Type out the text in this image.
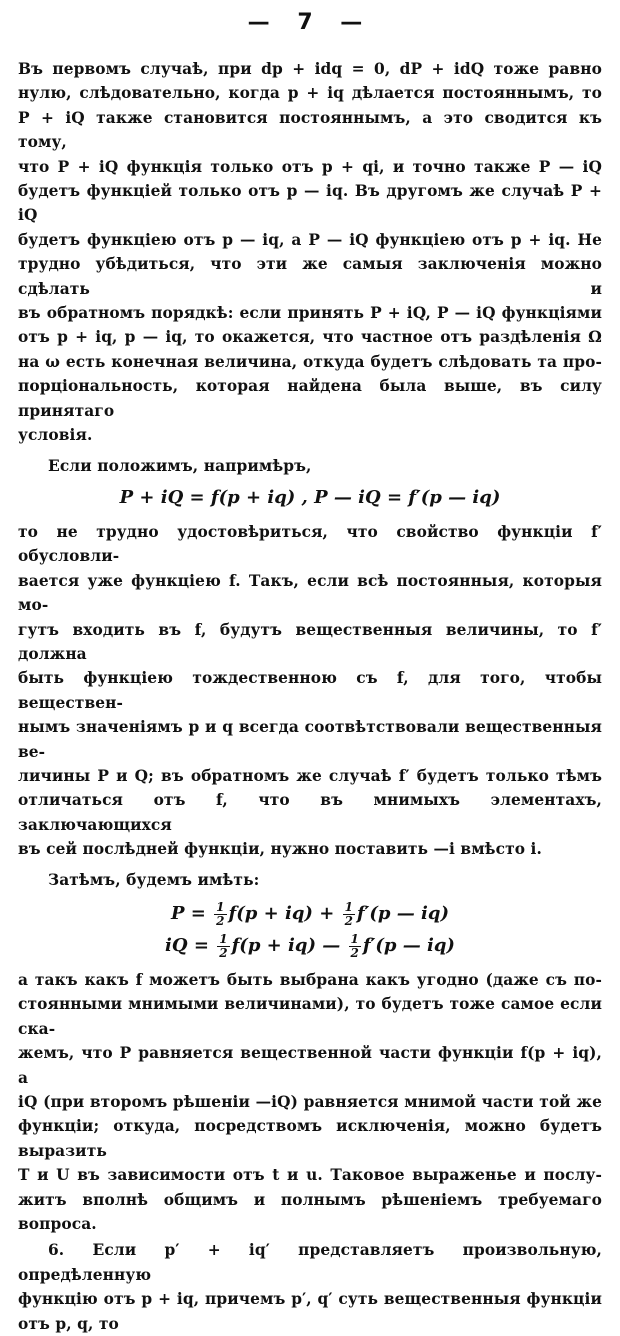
— 7 —

Въ первомъ случаѣ, при dp + idq = 0, dP + idQ тоже равно
нулю, слѣдовательно, когда p + iq дѣлается постояннымъ, то
P + iQ также становится постояннымъ, а это сводится къ тому,
что P + iQ функція только отъ p + qi, и точно также P — iQ
будетъ функціей только отъ p — iq. Въ другомъ же случаѣ P + iQ
будетъ функціею отъ p — iq, а P — iQ функціею отъ p + iq. Не
трудно убѣдиться, что эти же самыя заключенія можно сдѣлать и
въ обратномъ порядкѣ: если принять P + iQ, P — iQ функціями
отъ p + iq, p — iq, то окажется, что частное отъ раздѣленія Ω
на ω есть конечная величина, откуда будетъ слѣдовать та про-
порціональность, которая найдена была выше, въ силу принятаго
условія.

Если положимъ, напримѣръ,

P + iQ = f(p + iq) , P — iQ = f′(p — iq)

то не трудно удостовѣриться, что свойство функціи f′ обусловли-
вается уже функціею f. Такъ, если всѣ постоянныя, которыя мо-
гутъ входить въ f, будутъ вещественныя величины, то f′ должна
быть функціею тождественною съ f, для того, чтобы веществен-
нымъ значеніямъ p и q всегда соотвѣтствовали вещественныя ве-
личины P и Q; въ обратномъ же случаѣ f′ будетъ только тѣмъ
отличаться отъ f, что въ мнимыхъ элементахъ, заключающихся
въ сей послѣдней функціи, нужно поставить —i вмѣсто i.

Затѣмъ, будемъ имѣть:

$P = \frac{1}{2} f(p + iq) + \frac{1}{2} f'(p$ — iq)
iQ = $\frac{1}{2} f(p + iq)$ — $\frac{1}{2} f'(p$ — iq)

а такъ какъ f можетъ быть выбрана какъ угодно (даже съ по-
стоянными мнимыми величинами), то будетъ тоже самое если ска-
жемъ, что P равняется вещественной части функціи f(p + iq), а
iQ (при второмъ рѣшеніи —iQ) равняется мнимой части той же
функціи; откуда, посредствомъ исключенія, можно будетъ выразить
T и U въ зависимости отъ t и u. Таковое выраженье и послу-
житъ вполнѣ общимъ и полнымъ рѣшеніемъ требуемаго вопроса.

6. Если p′ + iq′ представляетъ произвольную, опредѣленную
функцію отъ p + iq, причемъ p′, q′ суть вещественныя функціи
отъ p, q, то
